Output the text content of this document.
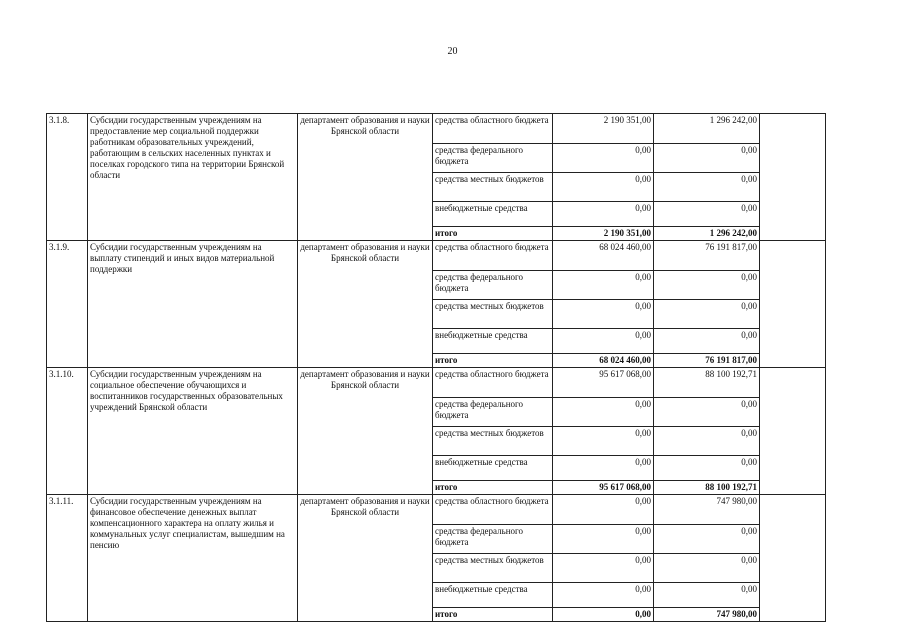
20
3.1.8.	Субсидии государственным учреждениям на предоставление мер социальной поддержки работникам образовательных учреждений, работающим в сельских населенных пунктах и поселках городского типа на территории Брянской области	департамент образования и науки Брянской области	средства областного бюджета	2 190 351,00	1 296 242,00	
			средства федерального бюджета	0,00	0,00	
			средства местных бюджетов	0,00	0,00	
			внебюджетные средства	0,00	0,00	
			итого	2 190 351,00	1 296 242,00	
3.1.9.	Субсидии государственным учреждениям на выплату стипендий и иных видов материальной поддержки	департамент образования и науки Брянской области	средства областного бюджета	68 024 460,00	76 191 817,00	
			средства федерального бюджета	0,00	0,00	
			средства местных бюджетов	0,00	0,00	
			внебюджетные средства	0,00	0,00	
			итого	68 024 460,00	76 191 817,00	
3.1.10.	Субсидии государственным учреждениям на социальное обеспечение обучающихся и воспитанников государственных образовательных учреждений Брянской области	департамент образования и науки Брянской области	средства областного бюджета	95 617 068,00	88 100 192,71	
			средства федерального бюджета	0,00	0,00	
			средства местных бюджетов	0,00	0,00	
			внебюджетные средства	0,00	0,00	
			итого	95 617 068,00	88 100 192,71	
3.1.11.	Субсидии государственным учреждениям на финансовое обеспечение денежных выплат компенсационного характера на оплату жилья и коммунальных услуг специалистам, вышедшим на пенсию	департамент образования и науки Брянской области	средства областного бюджета	0,00	747 980,00	
			средства федерального бюджета	0,00	0,00	
			средства местных бюджетов	0,00	0,00	
			внебюджетные средства	0,00	0,00	
			итого	0,00	747 980,00	
